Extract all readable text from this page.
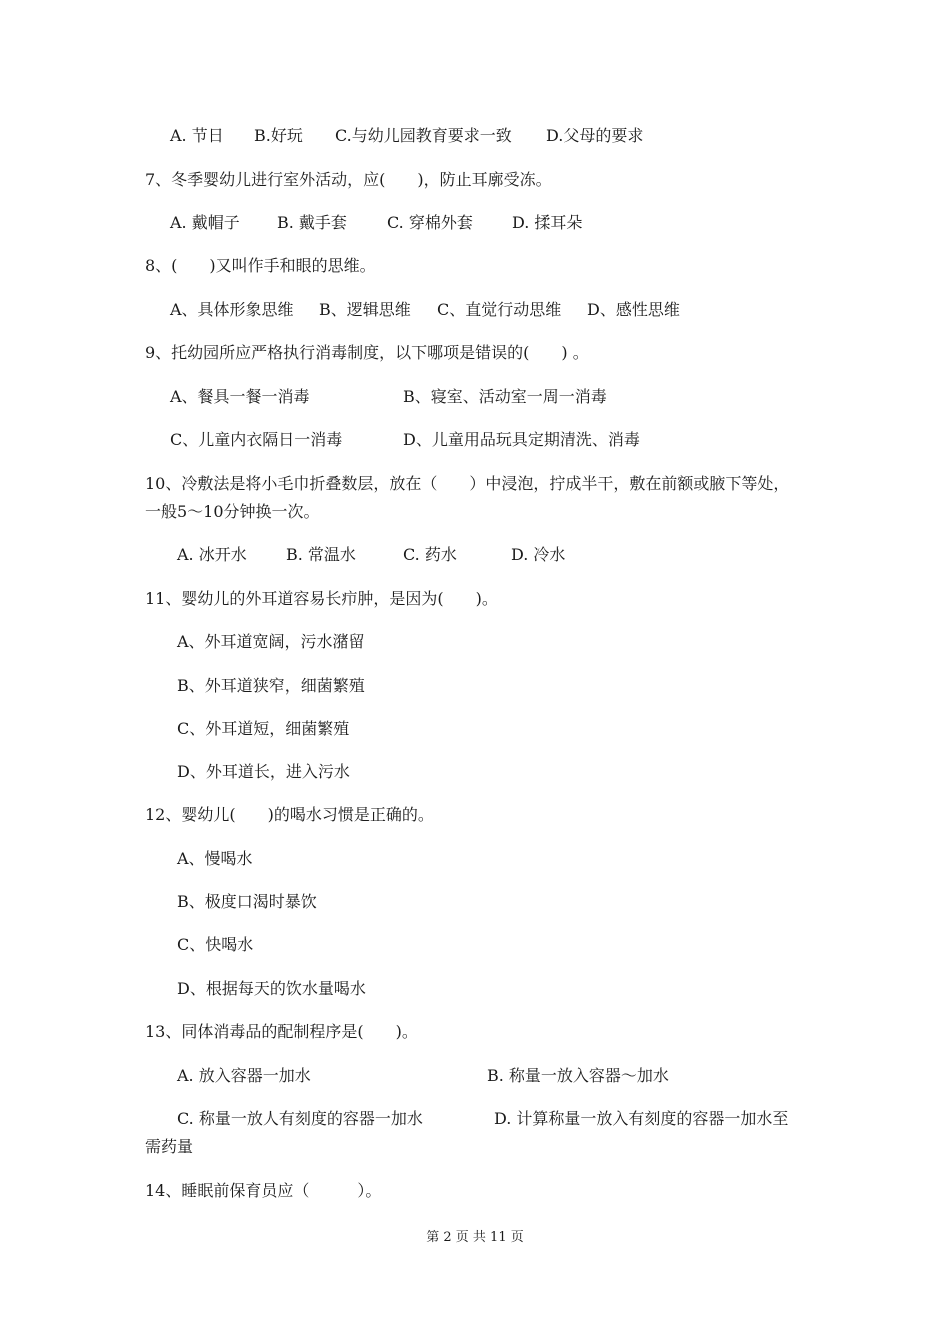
A. 节日 B.好玩 C.与幼儿园教育要求一致 D.父母的要求
7、冬季婴幼儿进行室外活动，应(　　)，防止耳廓受冻。
A. 戴帽子 B. 戴手套	C. 穿棉外套 D. 揉耳朵
8、(　　)又叫作手和眼的思维。
A、具体形象思维 B、逻辑思维 C、直觉行动思维 D、感性思维
9、托幼园所应严格执行消毒制度，以下哪项是错误的(　　) 。
A、餐具一餐一消毒	B、寝室、活动室一周一消毒
C、儿童内衣隔日一消毒	D、儿童用品玩具定期清洗、消毒
10、冷敷法是将小毛巾折叠数层，放在（　　）中浸泡，拧成半干，敷在前额或腋下等处，
一般5～10分钟换一次。
A. 冰开水 B. 常温水	C. 药水	D. 冷水
11、婴幼儿的外耳道容易长疖肿，是因为(　　)。
A、外耳道宽阔，污水潴留
B、外耳道狭窄，细菌繁殖
C、外耳道短，细菌繁殖
D、外耳道长，进入污水
12、婴幼儿(　　)的喝水习惯是正确的。
A、慢喝水
B、极度口渴时暴饮
C、快喝水
D、根据每天的饮水量喝水
13、同体消毒品的配制程序是(　　)。
A. 放入容器一加水	B. 称量一放入容器～加水
C. 称量一放人有刻度的容器一加水	D. 计算称量一放入有刻度的容器一加水至
需药量
14、睡眠前保育员应（　　　）。
第 2 页 共 11 页
